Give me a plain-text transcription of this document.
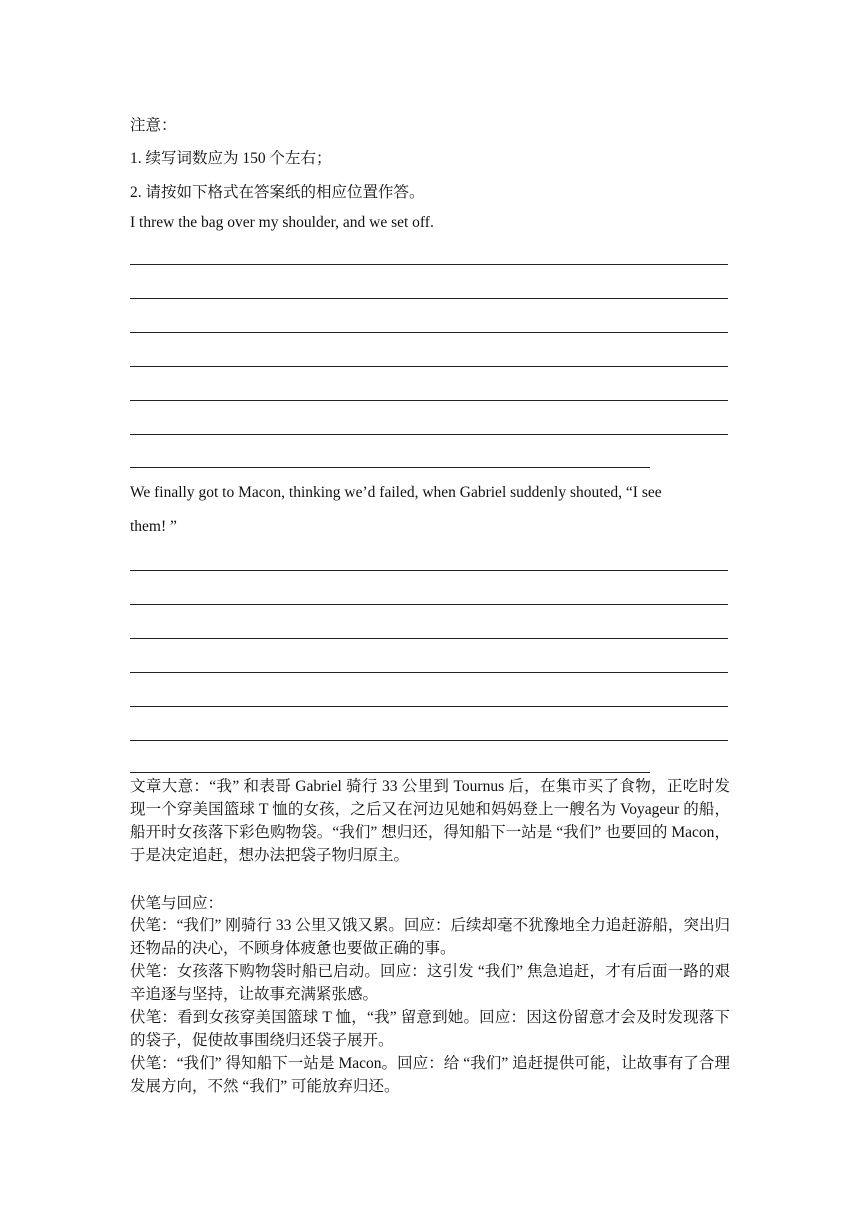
注意：
1. 续写词数应为 150 个左右；
2. 请按如下格式在答案纸的相应位置作答。
I threw the bag over my shoulder, and we set off.
We finally got to Macon, thinking we’d failed, when Gabriel suddenly shouted, “I see
them! ”
文章大意：“我” 和表哥 Gabriel 骑行 33 公里到 Tournus 后，在集市买了食物，正吃时发现一个穿美国篮球 T 恤的女孩，之后又在河边见她和妈妈登上一艘名为 Voyageur 的船，船开时女孩落下彩色购物袋。“我们” 想归还，得知船下一站是 “我们” 也要回的 Macon，于是决定追赶，想办法把袋子物归原主。
伏笔与回应：
伏笔：“我们” 刚骑行 33 公里又饿又累。回应：后续却毫不犹豫地全力追赶游船，突出归还物品的决心，不顾身体疲惫也要做正确的事。
伏笔：女孩落下购物袋时船已启动。回应：这引发 “我们” 焦急追赶，才有后面一路的艰辛追逐与坚持，让故事充满紧张感。
伏笔：看到女孩穿美国篮球 T 恤，“我” 留意到她。回应：因这份留意才会及时发现落下的袋子，促使故事围绕归还袋子展开。
伏笔：“我们” 得知船下一站是 Macon。回应：给 “我们” 追赶提供可能，让故事有了合理发展方向，不然 “我们” 可能放弃归还。
